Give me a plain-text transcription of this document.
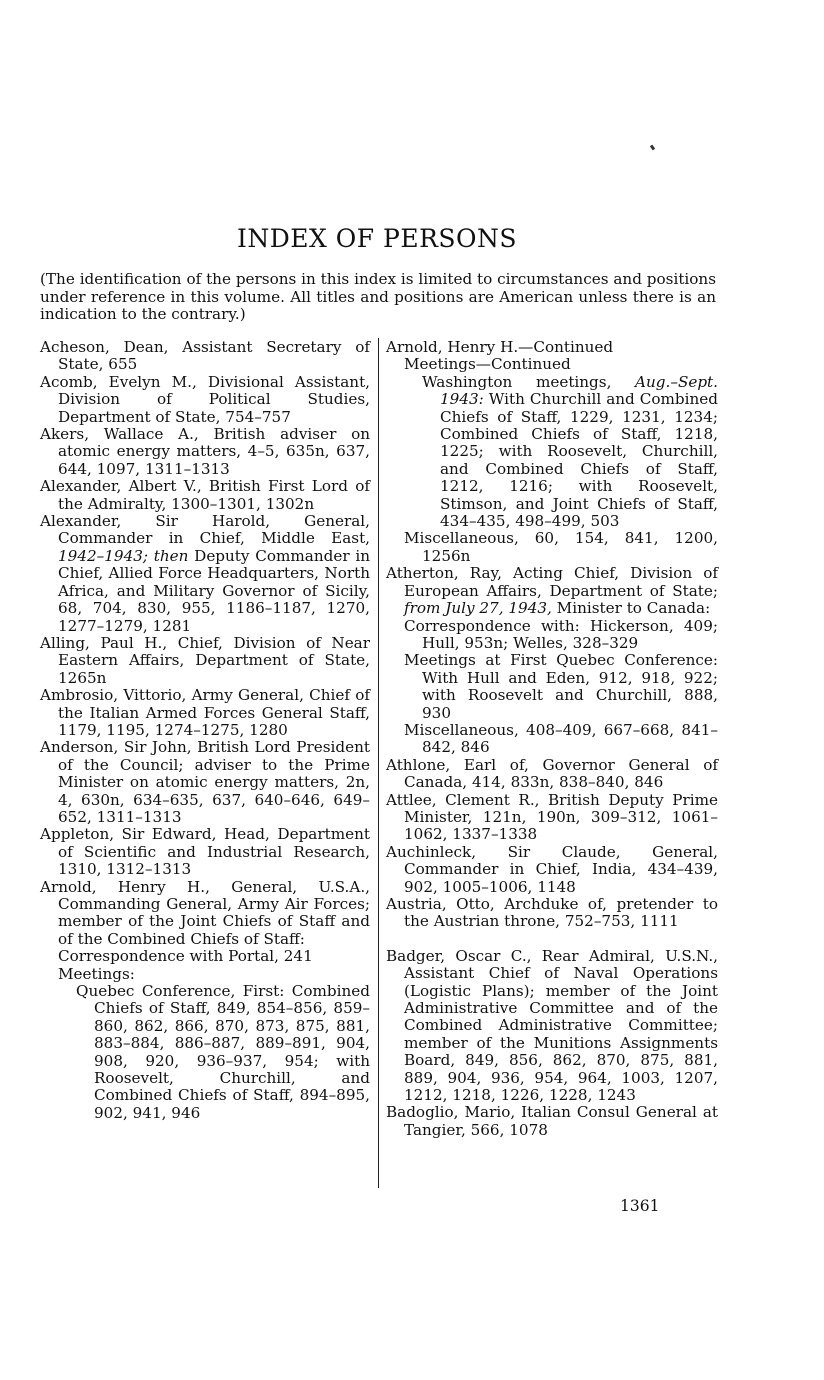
INDEX OF PERSONS
(The identification of the persons in this index is limited to circumstances and positions under reference in this volume. All titles and positions are American unless there is an indication to the contrary.)
Acheson, Dean, Assistant Secretary of State, 655
Acomb, Evelyn M., Divisional Assistant, Division of Political Studies, Department of State, 754–757
Akers, Wallace A., British adviser on atomic energy matters, 4–5, 635n, 637, 644, 1097, 1311–1313
Alexander, Albert V., British First Lord of the Admiralty, 1300–1301, 1302n
Alexander, Sir Harold, General, Commander in Chief, Middle East, 1942–1943; then Deputy Commander in Chief, Allied Force Headquarters, North Africa, and Military Governor of Sicily, 68, 704, 830, 955, 1186–1187, 1270, 1277–1279, 1281
Alling, Paul H., Chief, Division of Near Eastern Affairs, Department of State, 1265n
Ambrosio, Vittorio, Army General, Chief of the Italian Armed Forces General Staff, 1179, 1195, 1274–1275, 1280
Anderson, Sir John, British Lord President of the Council; adviser to the Prime Minister on atomic energy matters, 2n, 4, 630n, 634–635, 637, 640–646, 649–652, 1311–1313
Appleton, Sir Edward, Head, Department of Scientific and Industrial Research, 1310, 1312–1313
Arnold, Henry H., General, U.S.A., Commanding General, Army Air Forces; member of the Joint Chiefs of Staff and of the Combined Chiefs of Staff:
Correspondence with Portal, 241
Meetings:
Quebec Conference, First: Combined Chiefs of Staff, 849, 854–856, 859–860, 862, 866, 870, 873, 875, 881, 883–884, 886–887, 889–891, 904, 908, 920, 936–937, 954; with Roosevelt, Churchill, and Combined Chiefs of Staff, 894–895, 902, 941, 946
Arnold, Henry H.—Continued
Meetings—Continued
Washington meetings, Aug.–Sept. 1943: With Churchill and Combined Chiefs of Staff, 1229, 1231, 1234; Combined Chiefs of Staff, 1218, 1225; with Roosevelt, Churchill, and Combined Chiefs of Staff, 1212, 1216; with Roosevelt, Stimson, and Joint Chiefs of Staff, 434–435, 498–499, 503
Miscellaneous, 60, 154, 841, 1200, 1256n
Atherton, Ray, Acting Chief, Division of European Affairs, Department of State; from July 27, 1943, Minister to Canada:
Correspondence with: Hickerson, 409; Hull, 953n; Welles, 328–329
Meetings at First Quebec Conference: With Hull and Eden, 912, 918, 922; with Roosevelt and Churchill, 888, 930
Miscellaneous, 408–409, 667–668, 841–842, 846
Athlone, Earl of, Governor General of Canada, 414, 833n, 838–840, 846
Attlee, Clement R., British Deputy Prime Minister, 121n, 190n, 309–312, 1061–1062, 1337–1338
Auchinleck, Sir Claude, General, Commander in Chief, India, 434–439, 902, 1005–1006, 1148
Austria, Otto, Archduke of, pretender to the Austrian throne, 752–753, 1111
Badger, Oscar C., Rear Admiral, U.S.N., Assistant Chief of Naval Operations (Logistic Plans); member of the Joint Administrative Committee and of the Combined Administrative Committee; member of the Munitions Assignments Board, 849, 856, 862, 870, 875, 881, 889, 904, 936, 954, 964, 1003, 1207, 1212, 1218, 1226, 1228, 1243
Badoglio, Mario, Italian Consul General at Tangier, 566, 1078
1361
